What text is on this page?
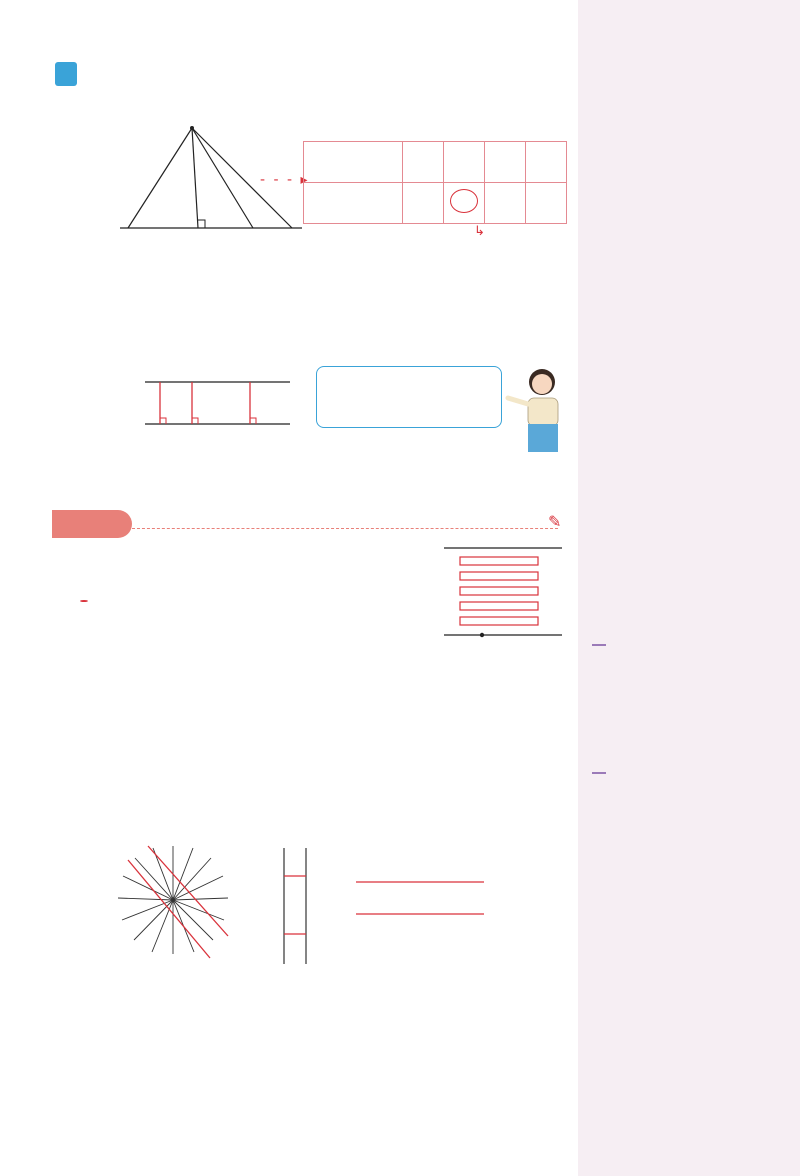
- - - ▸

↳
✎
